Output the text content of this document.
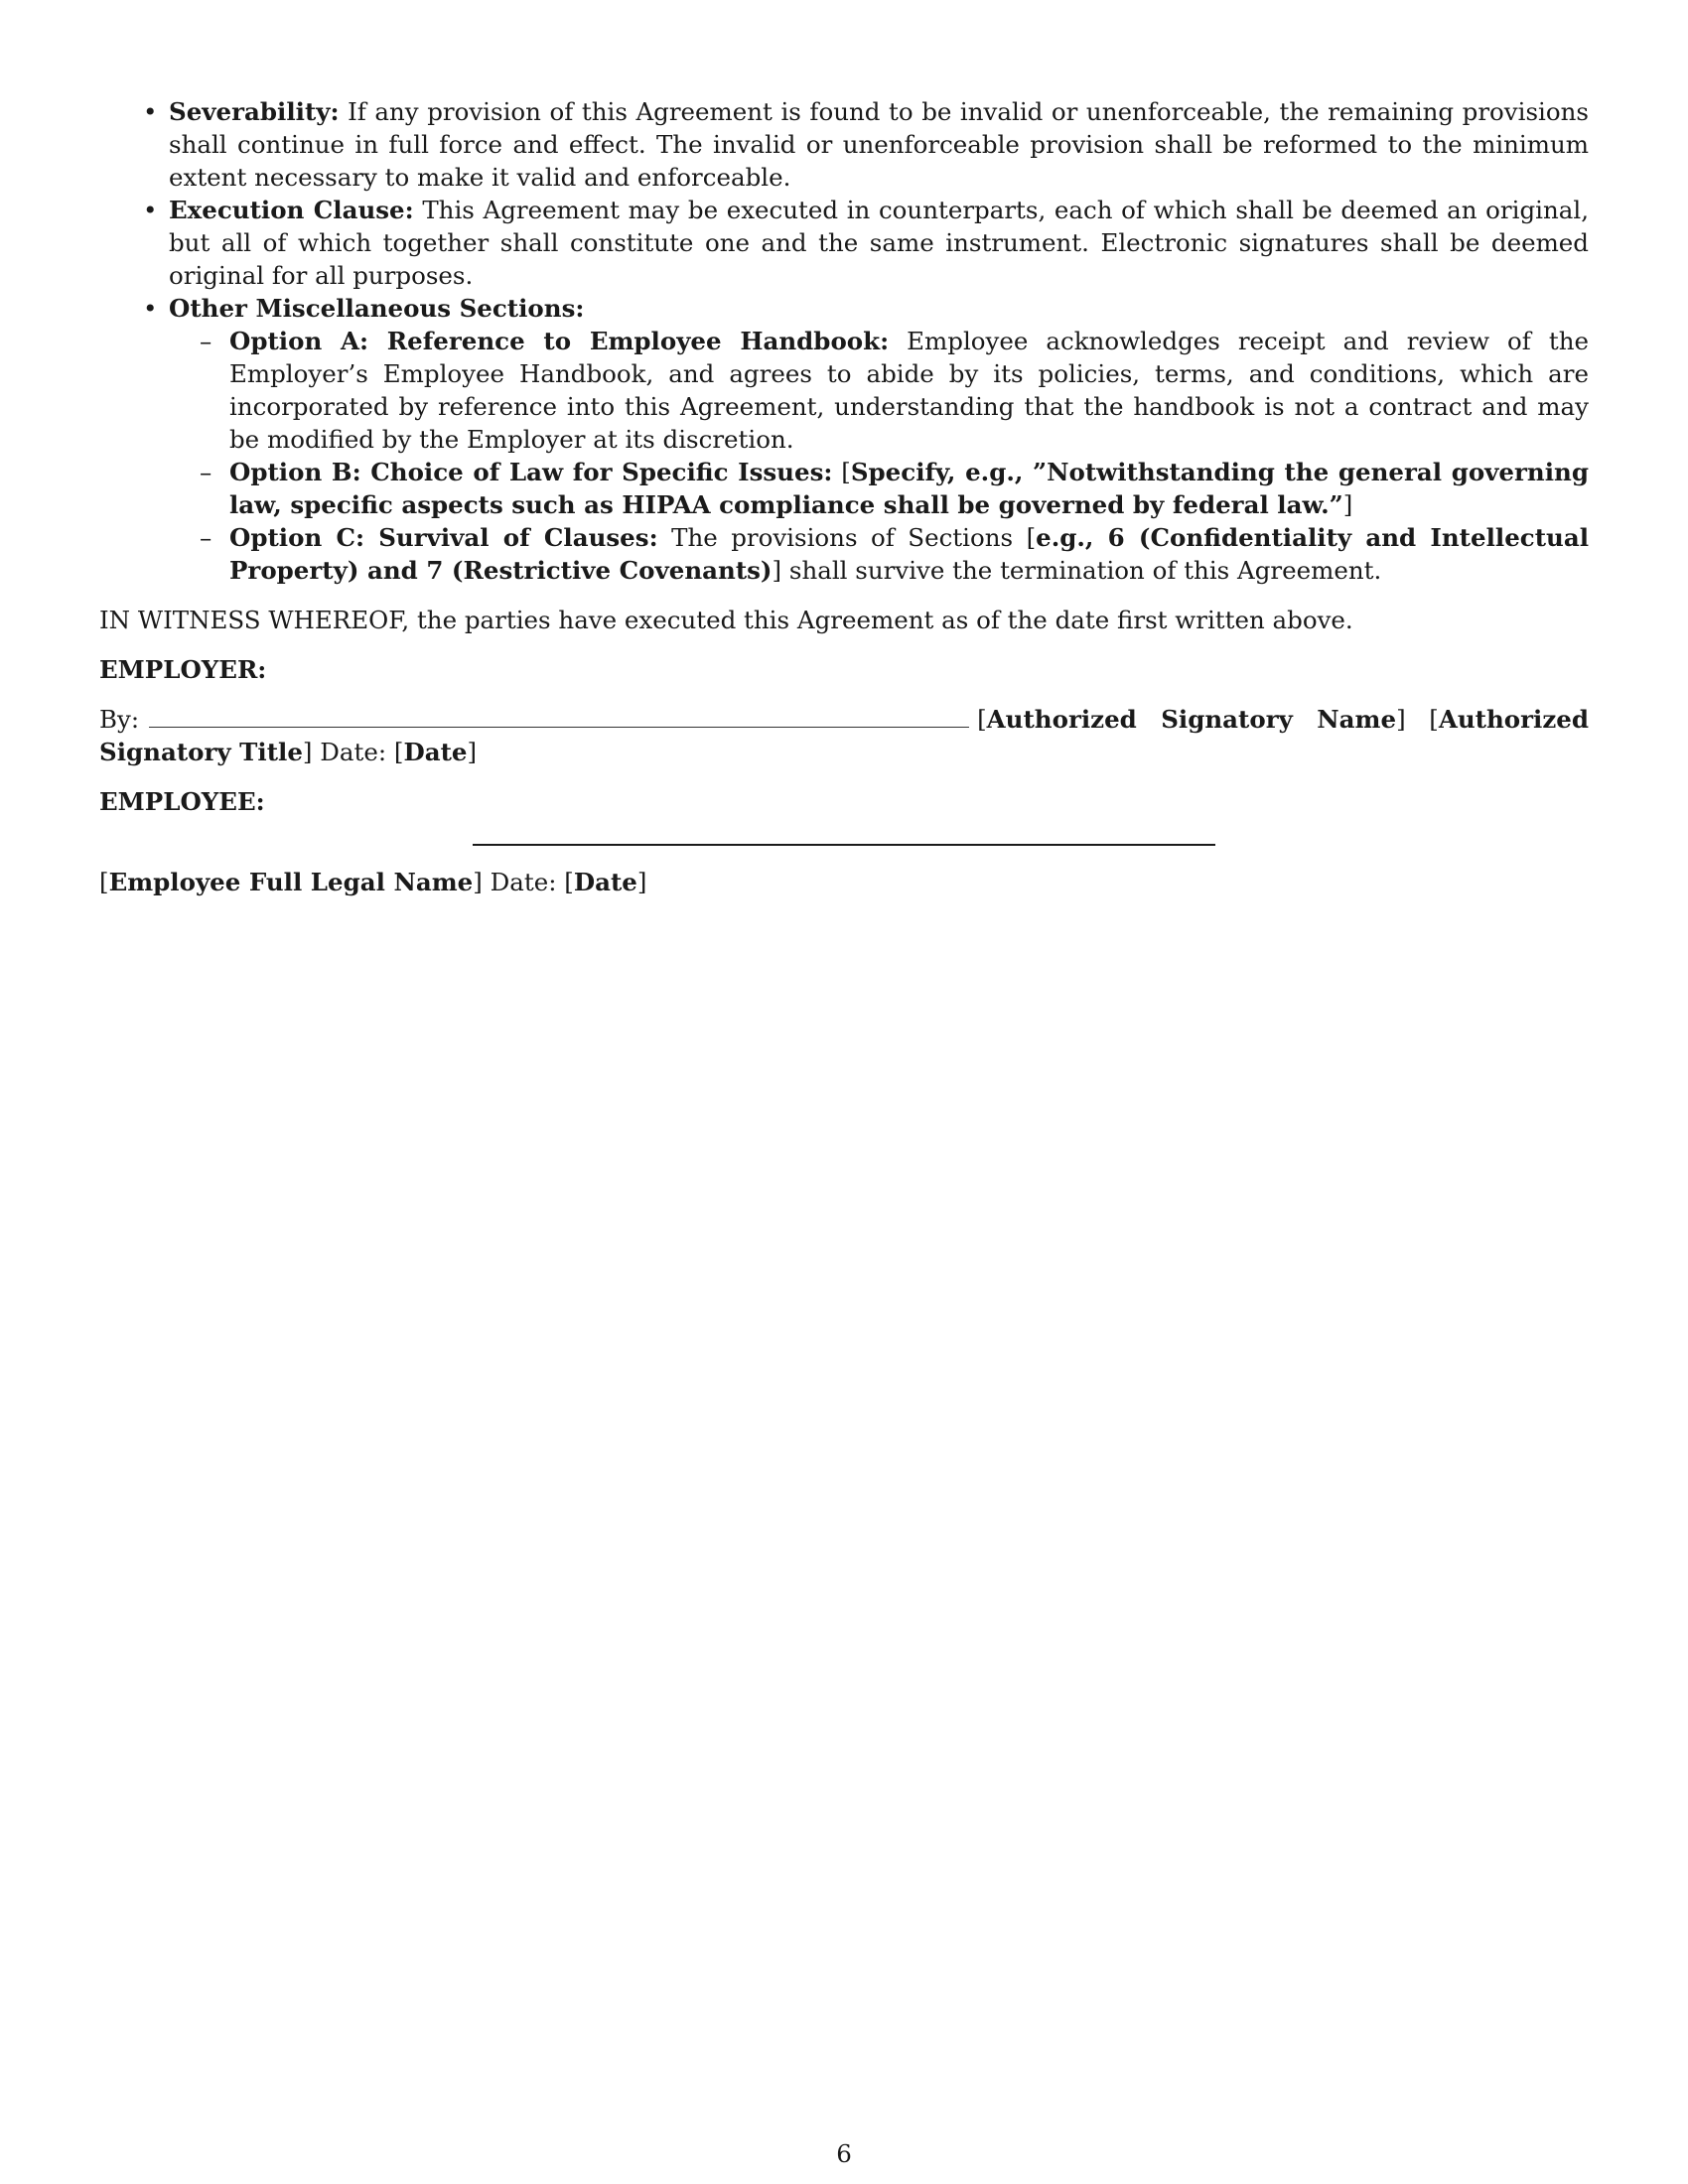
• Severability: If any provision of this Agreement is found to be invalid or unenforceable, the remaining provisions shall continue in full force and effect. The invalid or unenforceable provision shall be reformed to the minimum extent necessary to make it valid and enforceable.
• Execution Clause: This Agreement may be executed in counterparts, each of which shall be deemed an original, but all of which together shall constitute one and the same instrument. Electronic signatures shall be deemed original for all purposes.
• Other Miscellaneous Sections:
– Option A: Reference to Employee Handbook: Employee acknowledges receipt and review of the Employer’s Employee Handbook, and agrees to abide by its policies, terms, and conditions, which are incorporated by reference into this Agreement, understanding that the handbook is not a contract and may be modified by the Employer at its discretion.
– Option B: Choice of Law for Specific Issues: [Specify, e.g., ”Notwithstanding the general governing law, specific aspects such as HIPAA compliance shall be governed by federal law.”]
– Option C: Survival of Clauses: The provisions of Sections [e.g., 6 (Confidentiality and Intellectual Property) and 7 (Restrictive Covenants)] shall survive the termination of this Agreement.

IN WITNESS WHEREOF, the parties have executed this Agreement as of the date first written above.

EMPLOYER:

By:	[Authorized Signatory Name] [Authorized Signatory Title] Date: [Date]

EMPLOYEE:

[Employee Full Legal Name] Date: [Date]

6
